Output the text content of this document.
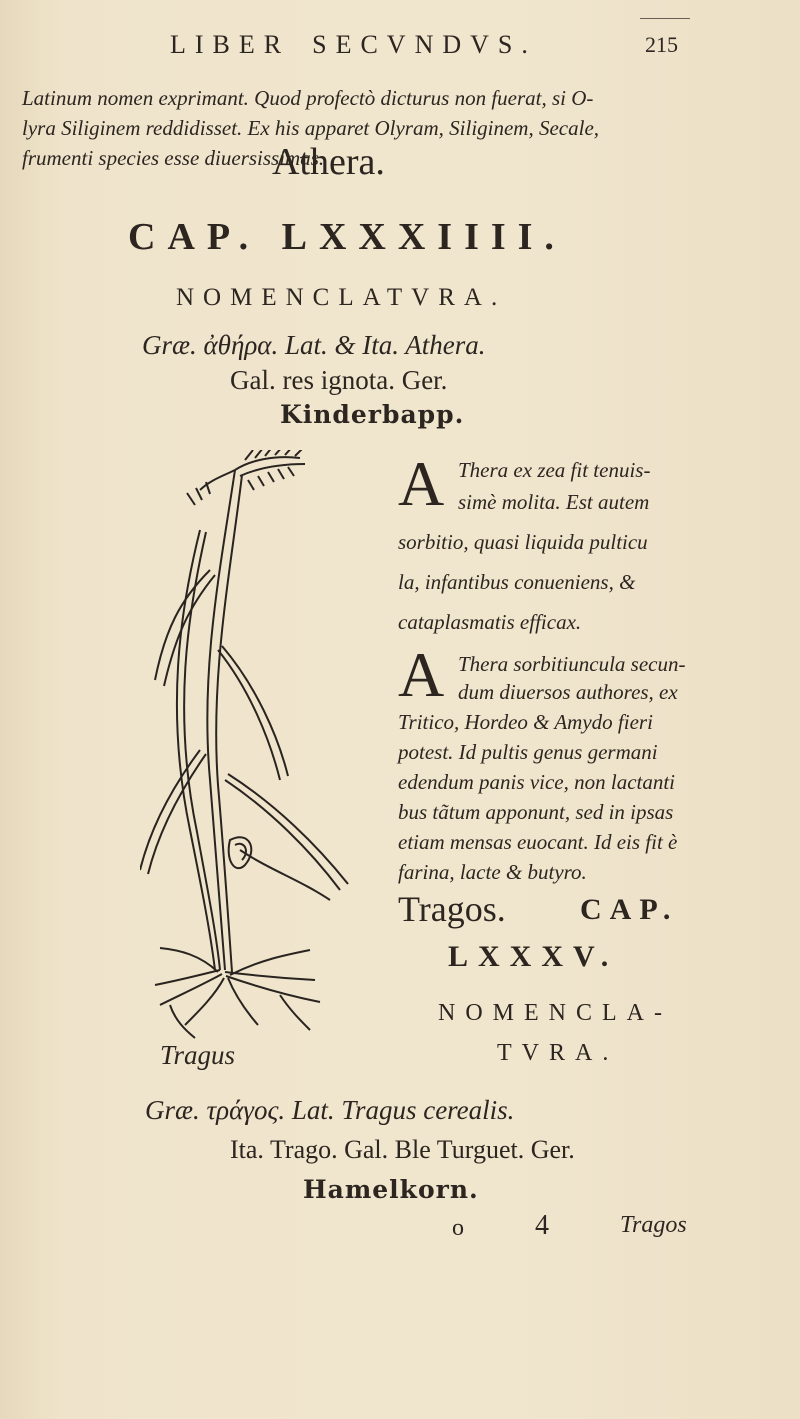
LIBER SECVNDVS.	215
Latinum nomen exprimant. Quod profectò dicturus non fuerat, si O-
lyra Siliginem reddidisset. Ex his apparet Olyram, Siliginem, Secale,
frumenti species esse diuersissimas.
Athera.
CAP. LXXXIIII.
NOMENCLATVRA.
Græ. ἀθήρα. Lat. & Ita. Athera.
Gal. res ignota. Ger.
Kinderbapp.
A Thera ex zea fit tenuis-
simè molita. Est autem
sorbitio, quasi liquida pulticu
la, infantibus conueniens, &
cataplasmatis efficax.
A Thera sorbitiuncula secun-
dum diuersos authores, ex
Tritico, Hordeo & Amydo fieri
potest. Id pultis genus germani
edendum panis vice, non lactanti
bus tãtum apponunt, sed in ipsas
etiam mensas euocant. Id eis fit è
farina, lacte & butyro.
Tragos. CAP.
LXXXV.
NOMENCLA-
TVRA.
Tragus
Græ. τράγος. Lat. Tragus cerealis.
Ita. Trago. Gal. Ble Turguet. Ger.
Hamelkorn.
o	4	Tragos
